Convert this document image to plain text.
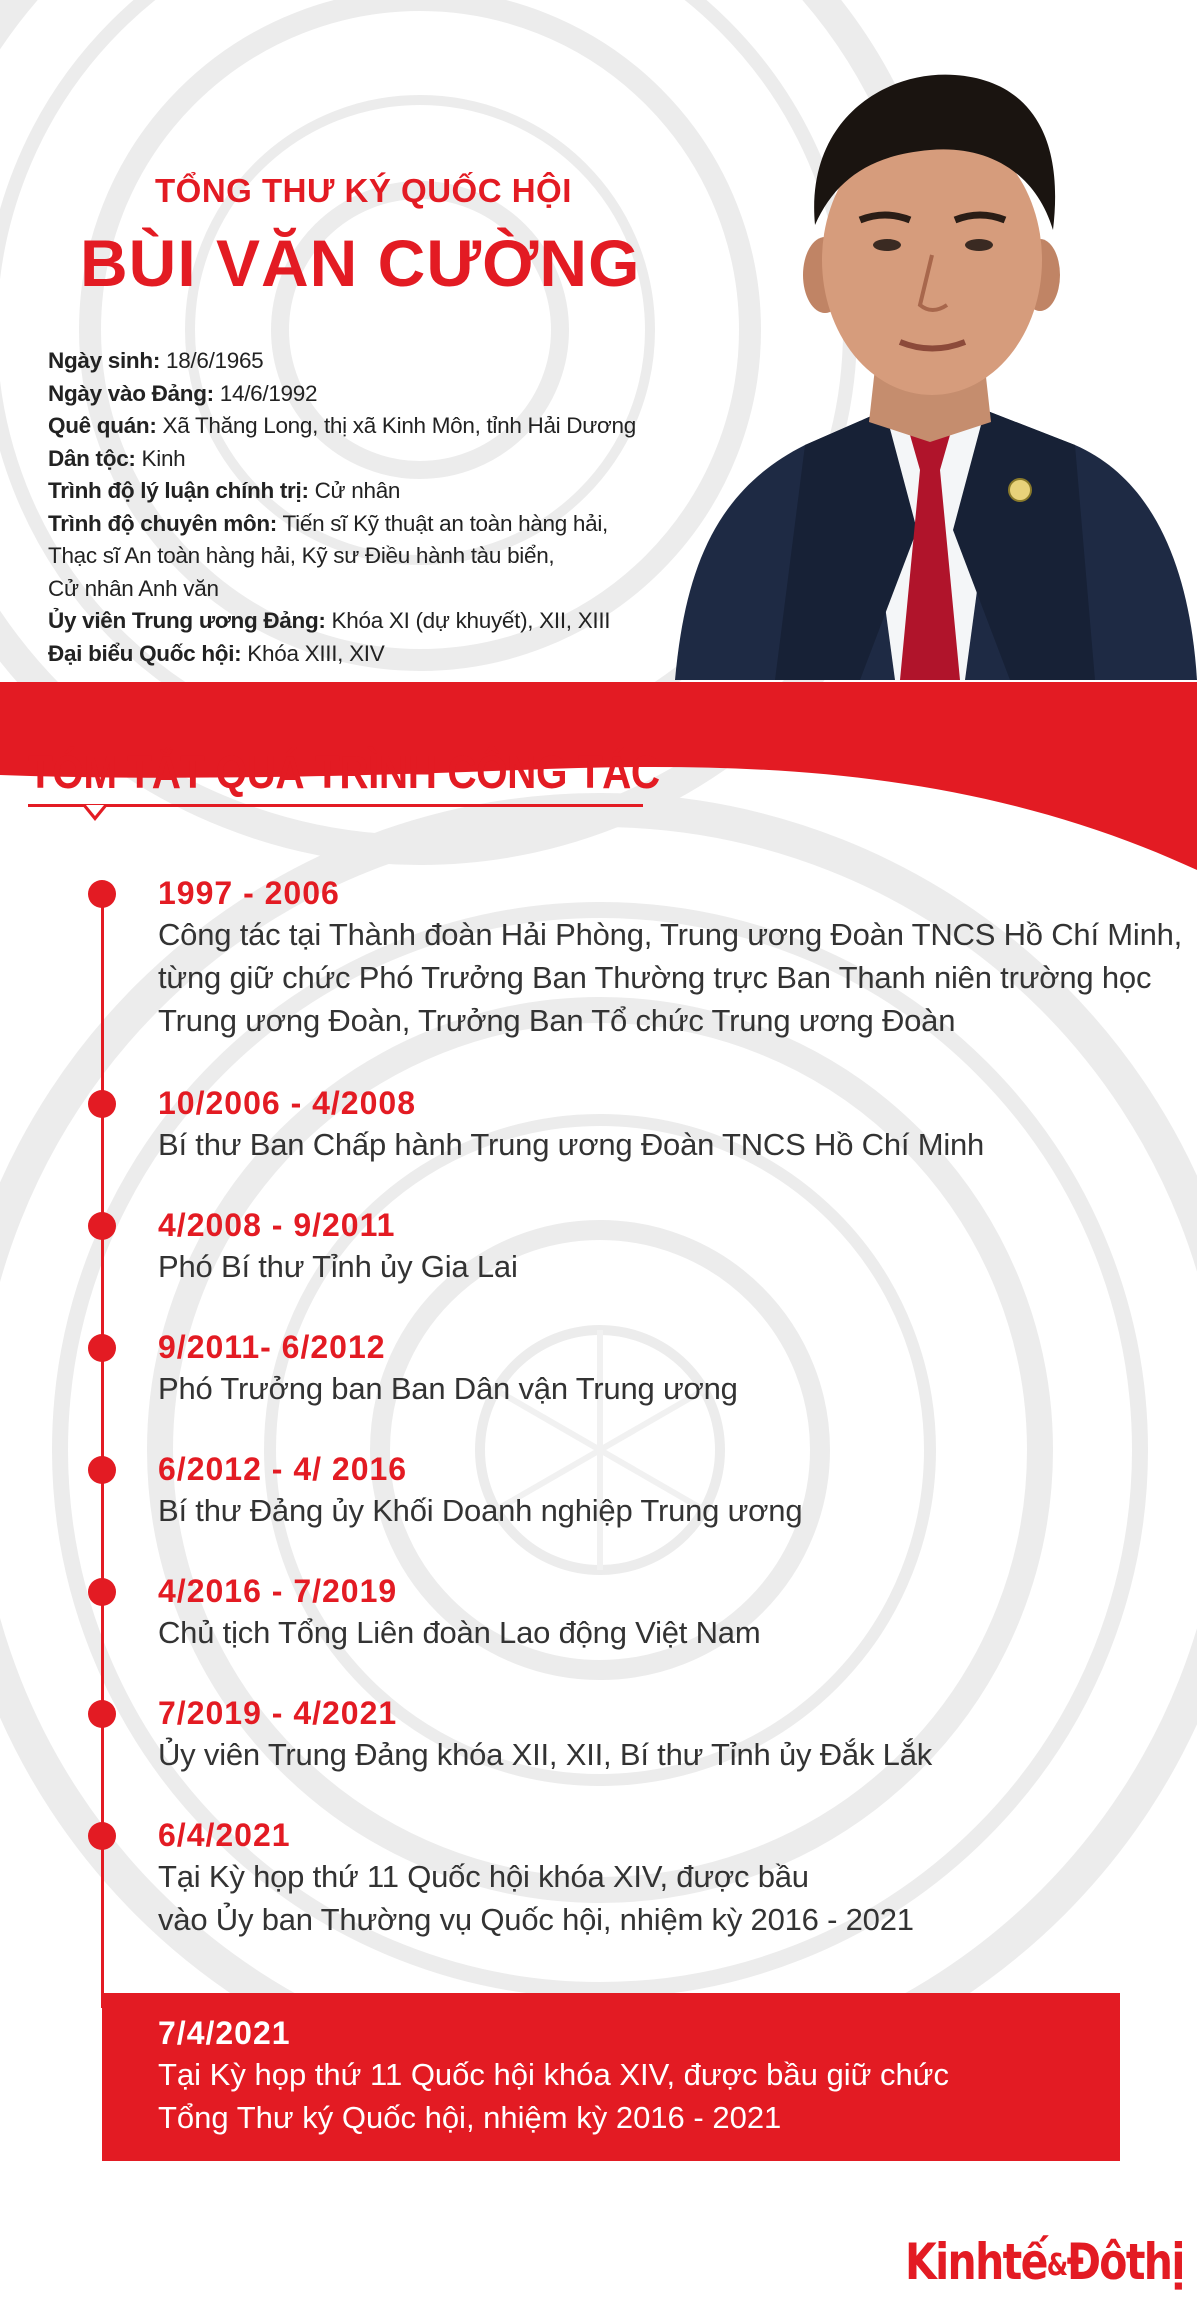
TỔNG THƯ KÝ QUỐC HỘI
BÙI VĂN CƯỜNG
Ngày sinh: 18/6/1965
Ngày vào Đảng: 14/6/1992
Quê quán: Xã Thăng Long, thị xã Kinh Môn, tỉnh Hải Dương
Dân tộc: Kinh
Trình độ lý luận chính trị: Cử nhân
Trình độ chuyên môn: Tiến sĩ Kỹ thuật an toàn hàng hải,
Thạc sĩ An toàn hàng hải, Kỹ sư Điều hành tàu biển,
Cử nhân Anh văn
Ủy viên Trung ương Đảng: Khóa XI (dự khuyết), XII, XIII
Đại biểu Quốc hội: Khóa XIII, XIV
TÓM TẮT QUÁ TRÌNH CÔNG TÁC
1997 - 2006
Công tác tại Thành đoàn Hải Phòng, Trung ương Đoàn TNCS Hồ Chí Minh,
từng giữ chức Phó Trưởng Ban Thường trực Ban Thanh niên trường học
Trung ương Đoàn, Trưởng Ban Tổ chức Trung ương Đoàn
10/2006 - 4/2008
Bí thư Ban Chấp hành Trung ương Đoàn TNCS Hồ Chí Minh
4/2008 - 9/2011
Phó Bí thư Tỉnh ủy Gia Lai
9/2011- 6/2012
Phó Trưởng ban Ban Dân vận Trung ương
6/2012 - 4/ 2016
Bí thư Đảng ủy Khối Doanh nghiệp Trung ương
4/2016 - 7/2019
Chủ tịch Tổng Liên đoàn Lao động Việt Nam
7/2019 - 4/2021
Ủy viên Trung Đảng khóa XII, XII, Bí thư Tỉnh ủy Đắk Lắk
6/4/2021
Tại Kỳ họp thứ 11 Quốc hội khóa XIV, được bầu
vào Ủy ban Thường vụ Quốc hội, nhiệm kỳ 2016 - 2021
7/4/2021
Tại Kỳ họp thứ 11 Quốc hội khóa XIV, được bầu giữ chức
Tổng Thư ký Quốc hội, nhiệm kỳ 2016 - 2021
Kinhtế&Đôthị
